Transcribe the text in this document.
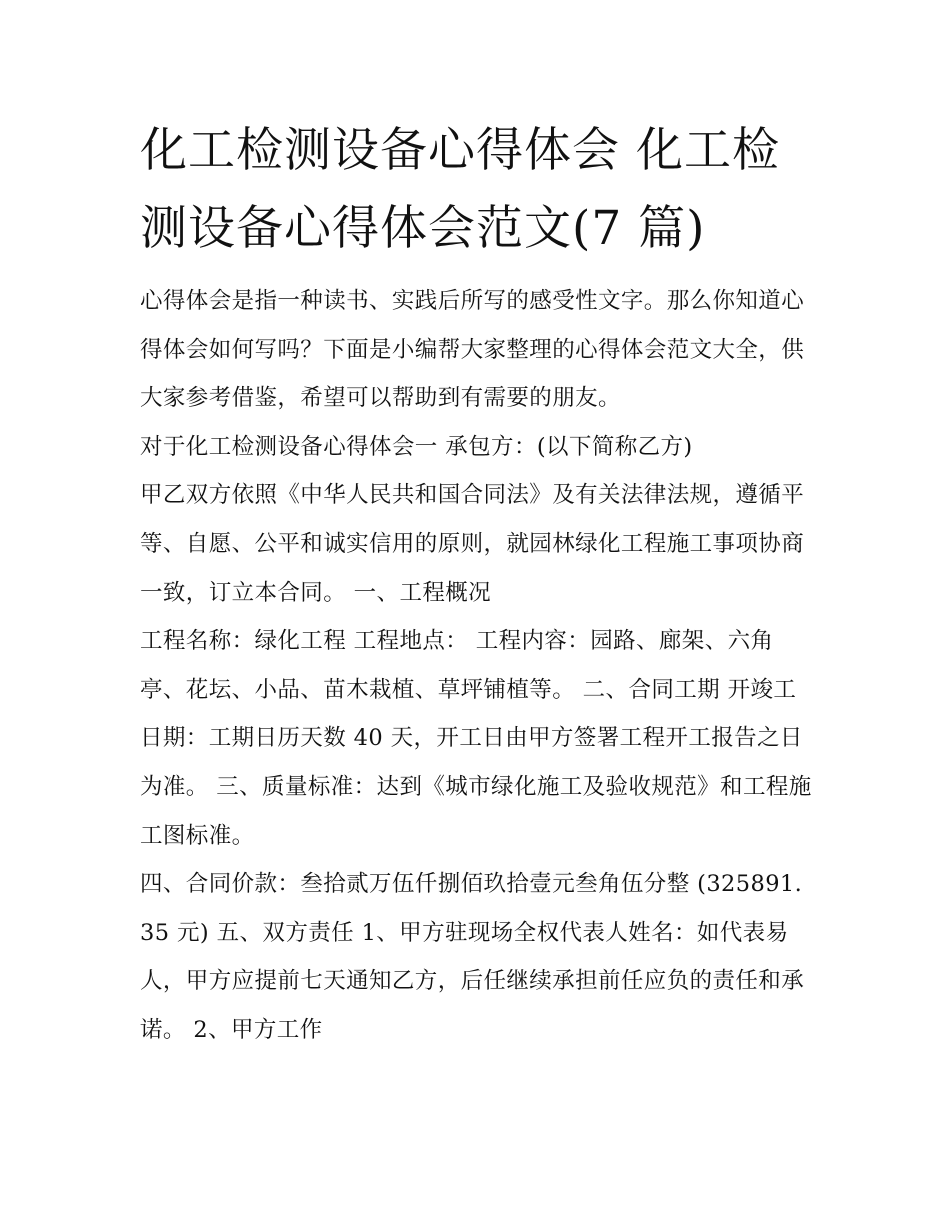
化工检测设备心得体会 化工检测设备心得体会范文(7 篇)

心得体会是指一种读书、实践后所写的感受性文字。那么你知道心得体会如何写吗？下面是小编帮大家整理的心得体会范文大全，供大家参考借鉴，希望可以帮助到有需要的朋友。

对于化工检测设备心得体会一 承包方：(以下简称乙方)

甲乙双方依照《中华人民共和国合同法》及有关法律法规，遵循平等、自愿、公平和诚实信用的原则，就园林绿化工程施工事项协商一致，订立本合同。 一、工程概况

工程名称：绿化工程 工程地点： 工程内容：园路、廊架、六角亭、花坛、小品、苗木栽植、草坪铺植等。 二、合同工期 开竣工日期：工期日历天数 40 天，开工日由甲方签署工程开工报告之日为准。 三、质量标准：达到《城市绿化施工及验收规范》和工程施工图标准。

四、合同价款：叁拾贰万伍仟捌佰玖拾壹元叁角伍分整 (325891.35 元) 五、双方责任 1、甲方驻现场全权代表人姓名：如代表易人，甲方应提前七天通知乙方，后任继续承担前任应负的责任和承诺。 2、甲方工作
